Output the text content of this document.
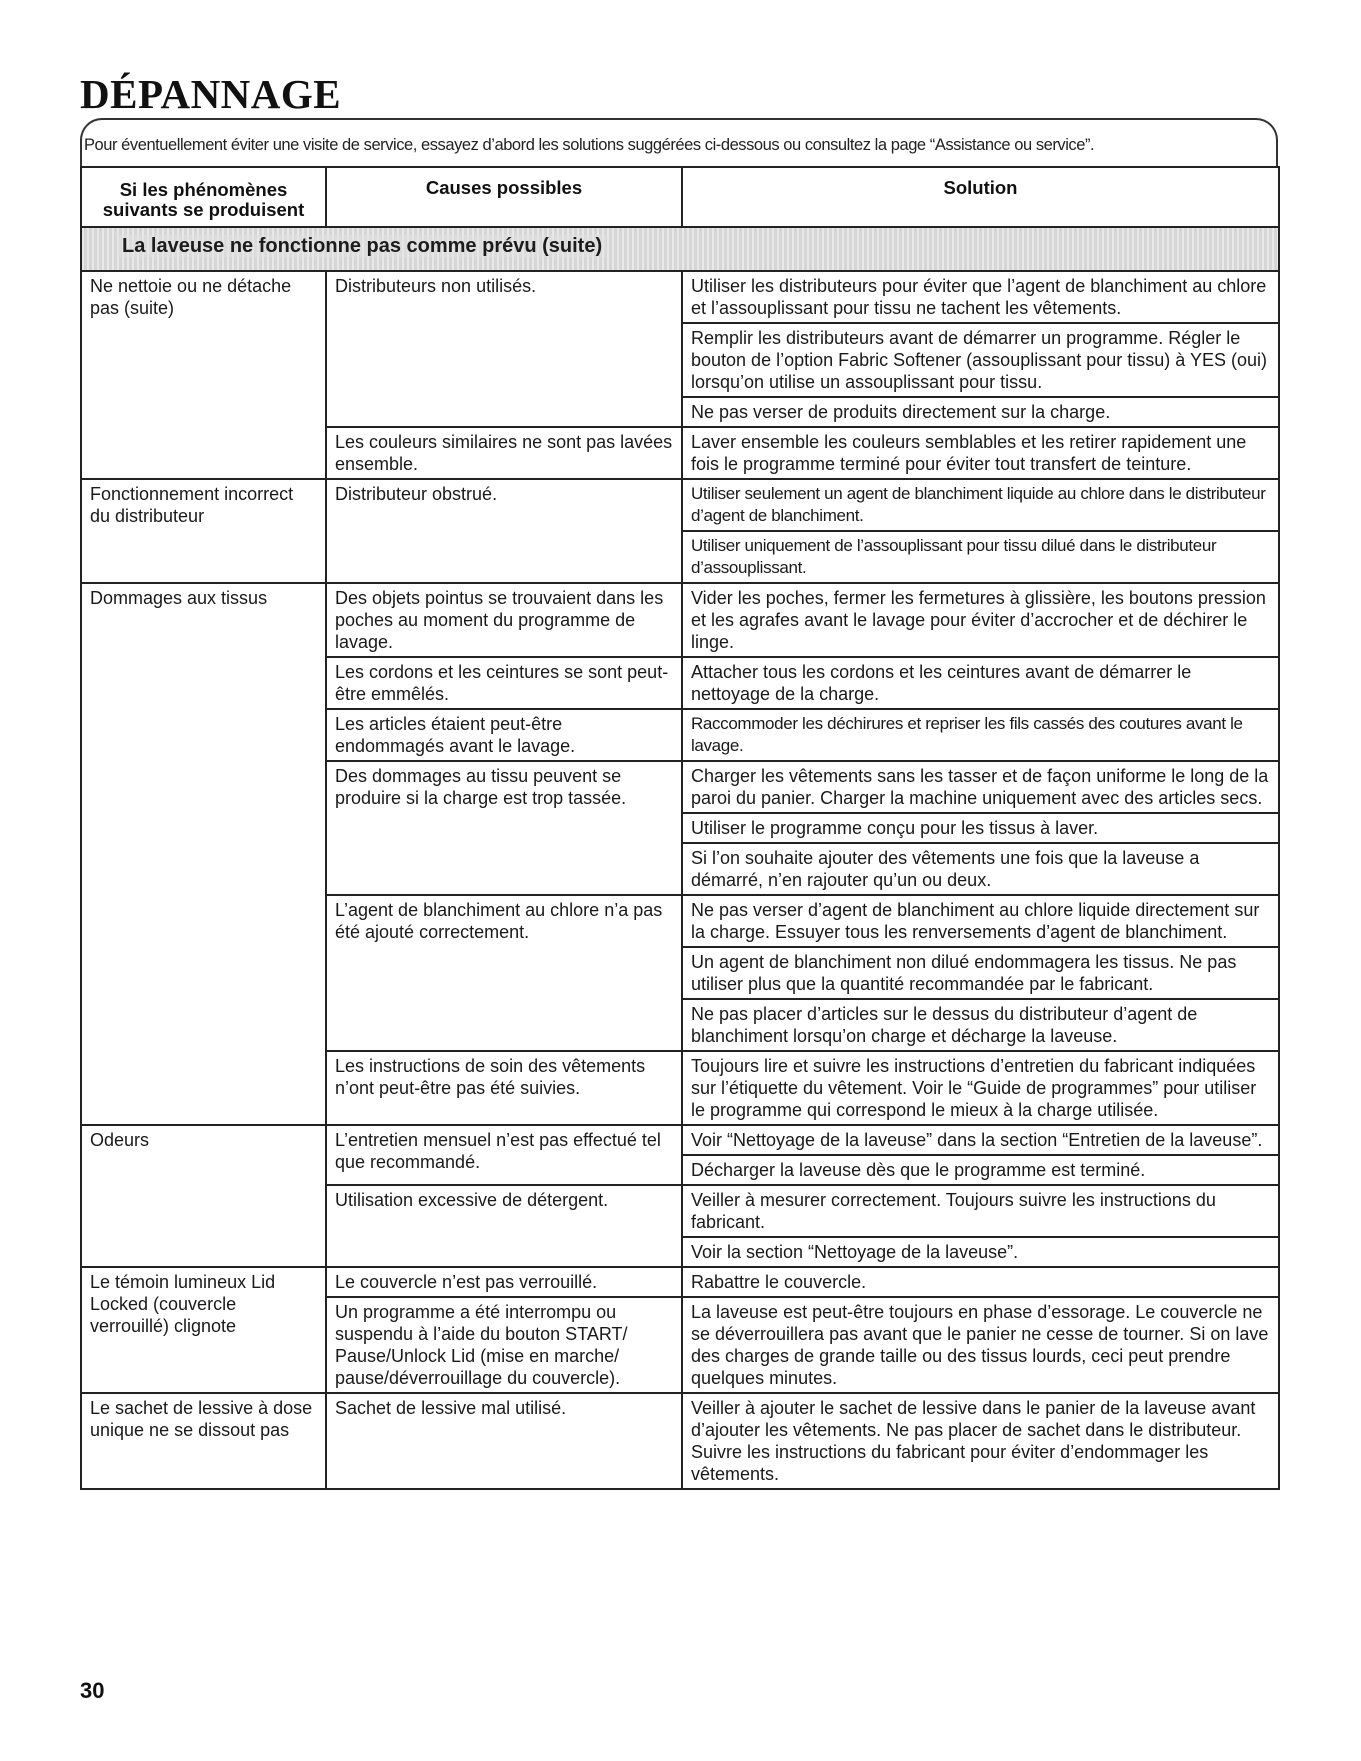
DÉPANNAGE
Pour éventuellement éviter une visite de service, essayez d’abord les solutions suggérées ci-dessous ou consultez la page “Assistance ou service”.
Si les phénomènes suivants se produisent	Causes possibles	Solution

La laveuse ne fonctionne pas comme prévu (suite)		

Ne nettoie ou ne détache pas (suite)	Distributeurs non utilisés.	Utiliser les distributeurs pour éviter que l’agent de blanchiment au chlore et l’assouplissant pour tissu ne tachent les vêtements.
		Remplir les distributeurs avant de démarrer un programme. Régler le bouton de l’option Fabric Softener (assouplissant pour tissu) à YES (oui) lorsqu’on utilise un assouplissant pour tissu.
		Ne pas verser de produits directement sur la charge.
	Les couleurs similaires ne sont pas lavées ensemble.	Laver ensemble les couleurs semblables et les retirer rapidement une fois le programme terminé pour éviter tout transfert de teinture.
Fonctionnement incorrect du distributeur	Distributeur obstrué.	Utiliser seulement un agent de blanchiment liquide au chlore dans le distributeur d’agent de blanchiment.
		Utiliser uniquement de l’assouplissant pour tissu dilué dans le distributeur d’assouplissant.
Dommages aux tissus	Des objets pointus se trouvaient dans les poches au moment du programme de lavage.	Vider les poches, fermer les fermetures à glissière, les boutons pression et les agrafes avant le lavage pour éviter d’accrocher et de déchirer le linge.
	Les cordons et les ceintures se sont peut-être emmêlés.	Attacher tous les cordons et les ceintures avant de démarrer le nettoyage de la charge.
	Les articles étaient peut-être endommagés avant le lavage.	Raccommoder les déchirures et repriser les fils cassés des coutures avant le lavage.
	Des dommages au tissu peuvent se produire si la charge est trop tassée.	Charger les vêtements sans les tasser et de façon uniforme le long de la paroi du panier. Charger la machine uniquement avec des articles secs.
		Utiliser le programme conçu pour les tissus à laver.
		Si l’on souhaite ajouter des vêtements une fois que la laveuse a démarré, n’en rajouter qu’un ou deux.
	L’agent de blanchiment au chlore n’a pas été ajouté correctement.	Ne pas verser d’agent de blanchiment au chlore liquide directement sur la charge. Essuyer tous les renversements d’agent de blanchiment.
		Un agent de blanchiment non dilué endommagera les tissus. Ne pas utiliser plus que la quantité recommandée par le fabricant.
		Ne pas placer d’articles sur le dessus du distributeur d’agent de blanchiment lorsqu’on charge et décharge la laveuse.
	Les instructions de soin des vêtements n’ont peut-être pas été suivies.	Toujours lire et suivre les instructions d’entretien du fabricant indiquées sur l’étiquette du vêtement. Voir le “Guide de programmes” pour utiliser le programme qui correspond le mieux à la charge utilisée.
Odeurs	L’entretien mensuel n’est pas effectué tel que recommandé.	Voir “Nettoyage de la laveuse” dans la section “Entretien de la laveuse”.
		Décharger la laveuse dès que le programme est terminé.
	Utilisation excessive de détergent.	Veiller à mesurer correctement. Toujours suivre les instructions du fabricant.
		Voir la section “Nettoyage de la laveuse”.
Le témoin lumineux Lid Locked (couvercle verrouillé) clignote	Le couvercle n’est pas verrouillé.	Rabattre le couvercle.
	Un programme a été interrompu ou suspendu à l’aide du bouton START/ Pause/Unlock Lid (mise en marche/ pause/déverrouillage du couvercle).	La laveuse est peut-être toujours en phase d’essorage. Le couvercle ne se déverrouillera pas avant que le panier ne cesse de tourner. Si on lave des charges de grande taille ou des tissus lourds, ceci peut prendre quelques minutes.
Le sachet de lessive à dose unique ne se dissout pas	Sachet de lessive mal utilisé.	Veiller à ajouter le sachet de lessive dans le panier de la laveuse avant d’ajouter les vêtements. Ne pas placer de sachet dans le distributeur. Suivre les instructions du fabricant pour éviter d’endommager les vêtements.
30
